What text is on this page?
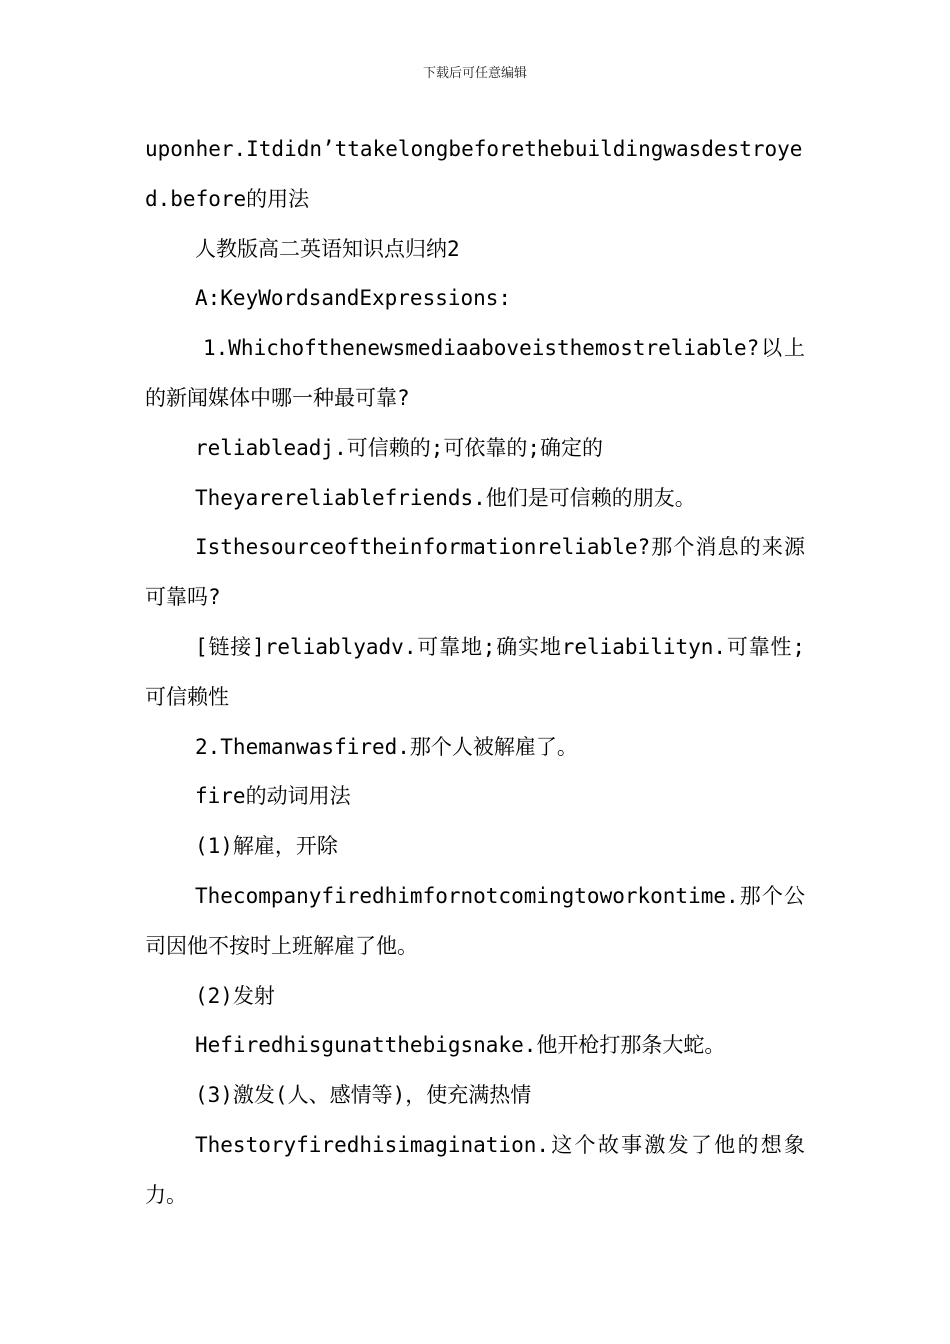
下载后可任意编辑

uponher.Itdidn’ttakelongbeforethebuildingwasdestroyed.before的用法

人教版高二英语知识点归纳2

A:KeyWordsandExpressions:

1.Whichofthenewsmediaaboveisthemostreliable?以上的新闻媒体中哪一种最可靠?

reliableadj.可信赖的;可依靠的;确定的

Theyarereliablefriends.他们是可信赖的朋友。

Isthesourceoftheinformationreliable?那个消息的来源可靠吗?

[链接]reliablyadv.可靠地;确实地reliabilityn.可靠性;可信赖性

2.Themanwasfired.那个人被解雇了。

fire的动词用法

(1)解雇，开除

Thecompanyfiredhimfornotcomingtoworkontime.那个公司因他不按时上班解雇了他。

(2)发射

Hefiredhisgunatthebigsnake.他开枪打那条大蛇。

(3)激发(人、感情等)，使充满热情

Thestoryfiredhisimagination.这个故事激发了他的想象力。
